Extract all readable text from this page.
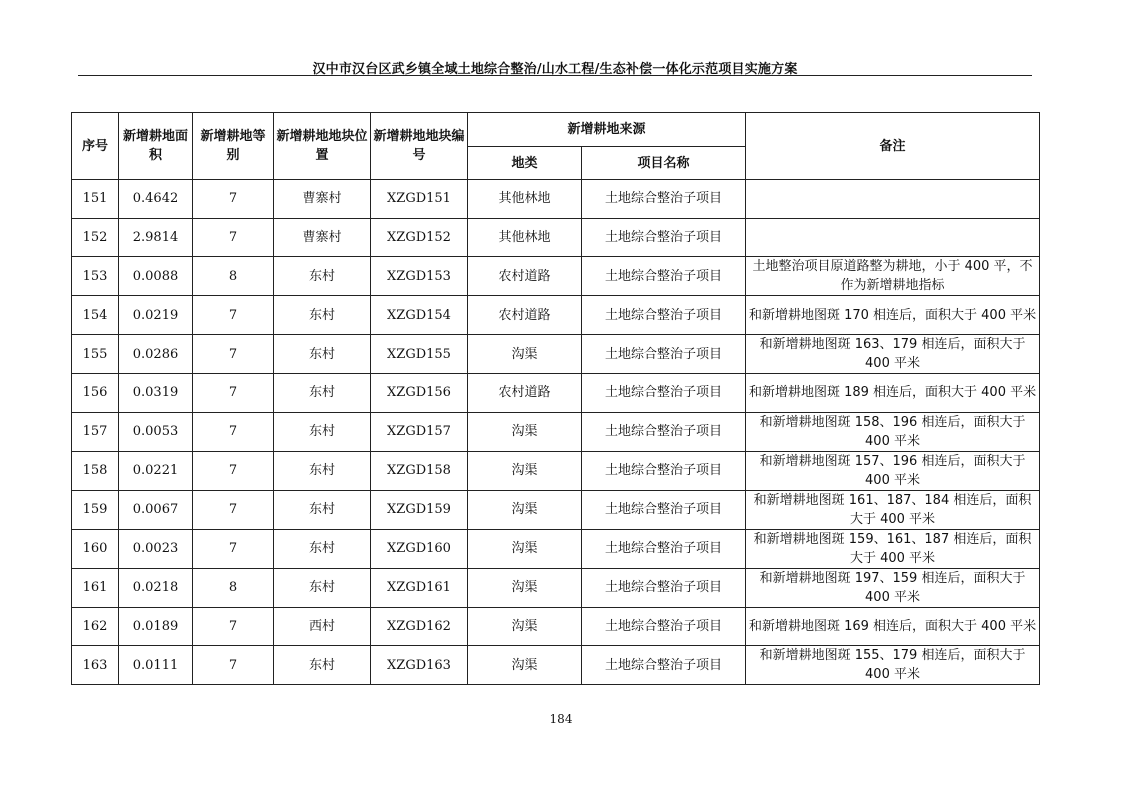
汉中市汉台区武乡镇全域土地综合整治/山水工程/生态补偿一体化示范项目实施方案
序号	新增耕地面积	新增耕地等别	新增耕地地块位置	新增耕地地块编号	新增耕地来源		备注
					地类	项目名称	
151	0.4642	7	曹寨村	XZGD151	其他林地	土地综合整治子项目	
152	2.9814	7	曹寨村	XZGD152	其他林地	土地综合整治子项目	
153	0.0088	8	东村	XZGD153	农村道路	土地综合整治子项目	土地整治项目原道路整为耕地，小于 400 平，不作为新增耕地指标
154	0.0219	7	东村	XZGD154	农村道路	土地综合整治子项目	和新增耕地图斑 170 相连后，面积大于 400 平米
155	0.0286	7	东村	XZGD155	沟渠	土地综合整治子项目	和新增耕地图斑 163、179 相连后，面积大于 400 平米
156	0.0319	7	东村	XZGD156	农村道路	土地综合整治子项目	和新增耕地图斑 189 相连后，面积大于 400 平米
157	0.0053	7	东村	XZGD157	沟渠	土地综合整治子项目	和新增耕地图斑 158、196 相连后，面积大于 400 平米
158	0.0221	7	东村	XZGD158	沟渠	土地综合整治子项目	和新增耕地图斑 157、196 相连后，面积大于 400 平米
159	0.0067	7	东村	XZGD159	沟渠	土地综合整治子项目	和新增耕地图斑 161、187、184 相连后，面积大于 400 平米
160	0.0023	7	东村	XZGD160	沟渠	土地综合整治子项目	和新增耕地图斑 159、161、187 相连后，面积大于 400 平米
161	0.0218	8	东村	XZGD161	沟渠	土地综合整治子项目	和新增耕地图斑 197、159 相连后，面积大于 400 平米
162	0.0189	7	西村	XZGD162	沟渠	土地综合整治子项目	和新增耕地图斑 169 相连后，面积大于 400 平米
163	0.0111	7	东村	XZGD163	沟渠	土地综合整治子项目	和新增耕地图斑 155、179 相连后，面积大于 400 平米
184
